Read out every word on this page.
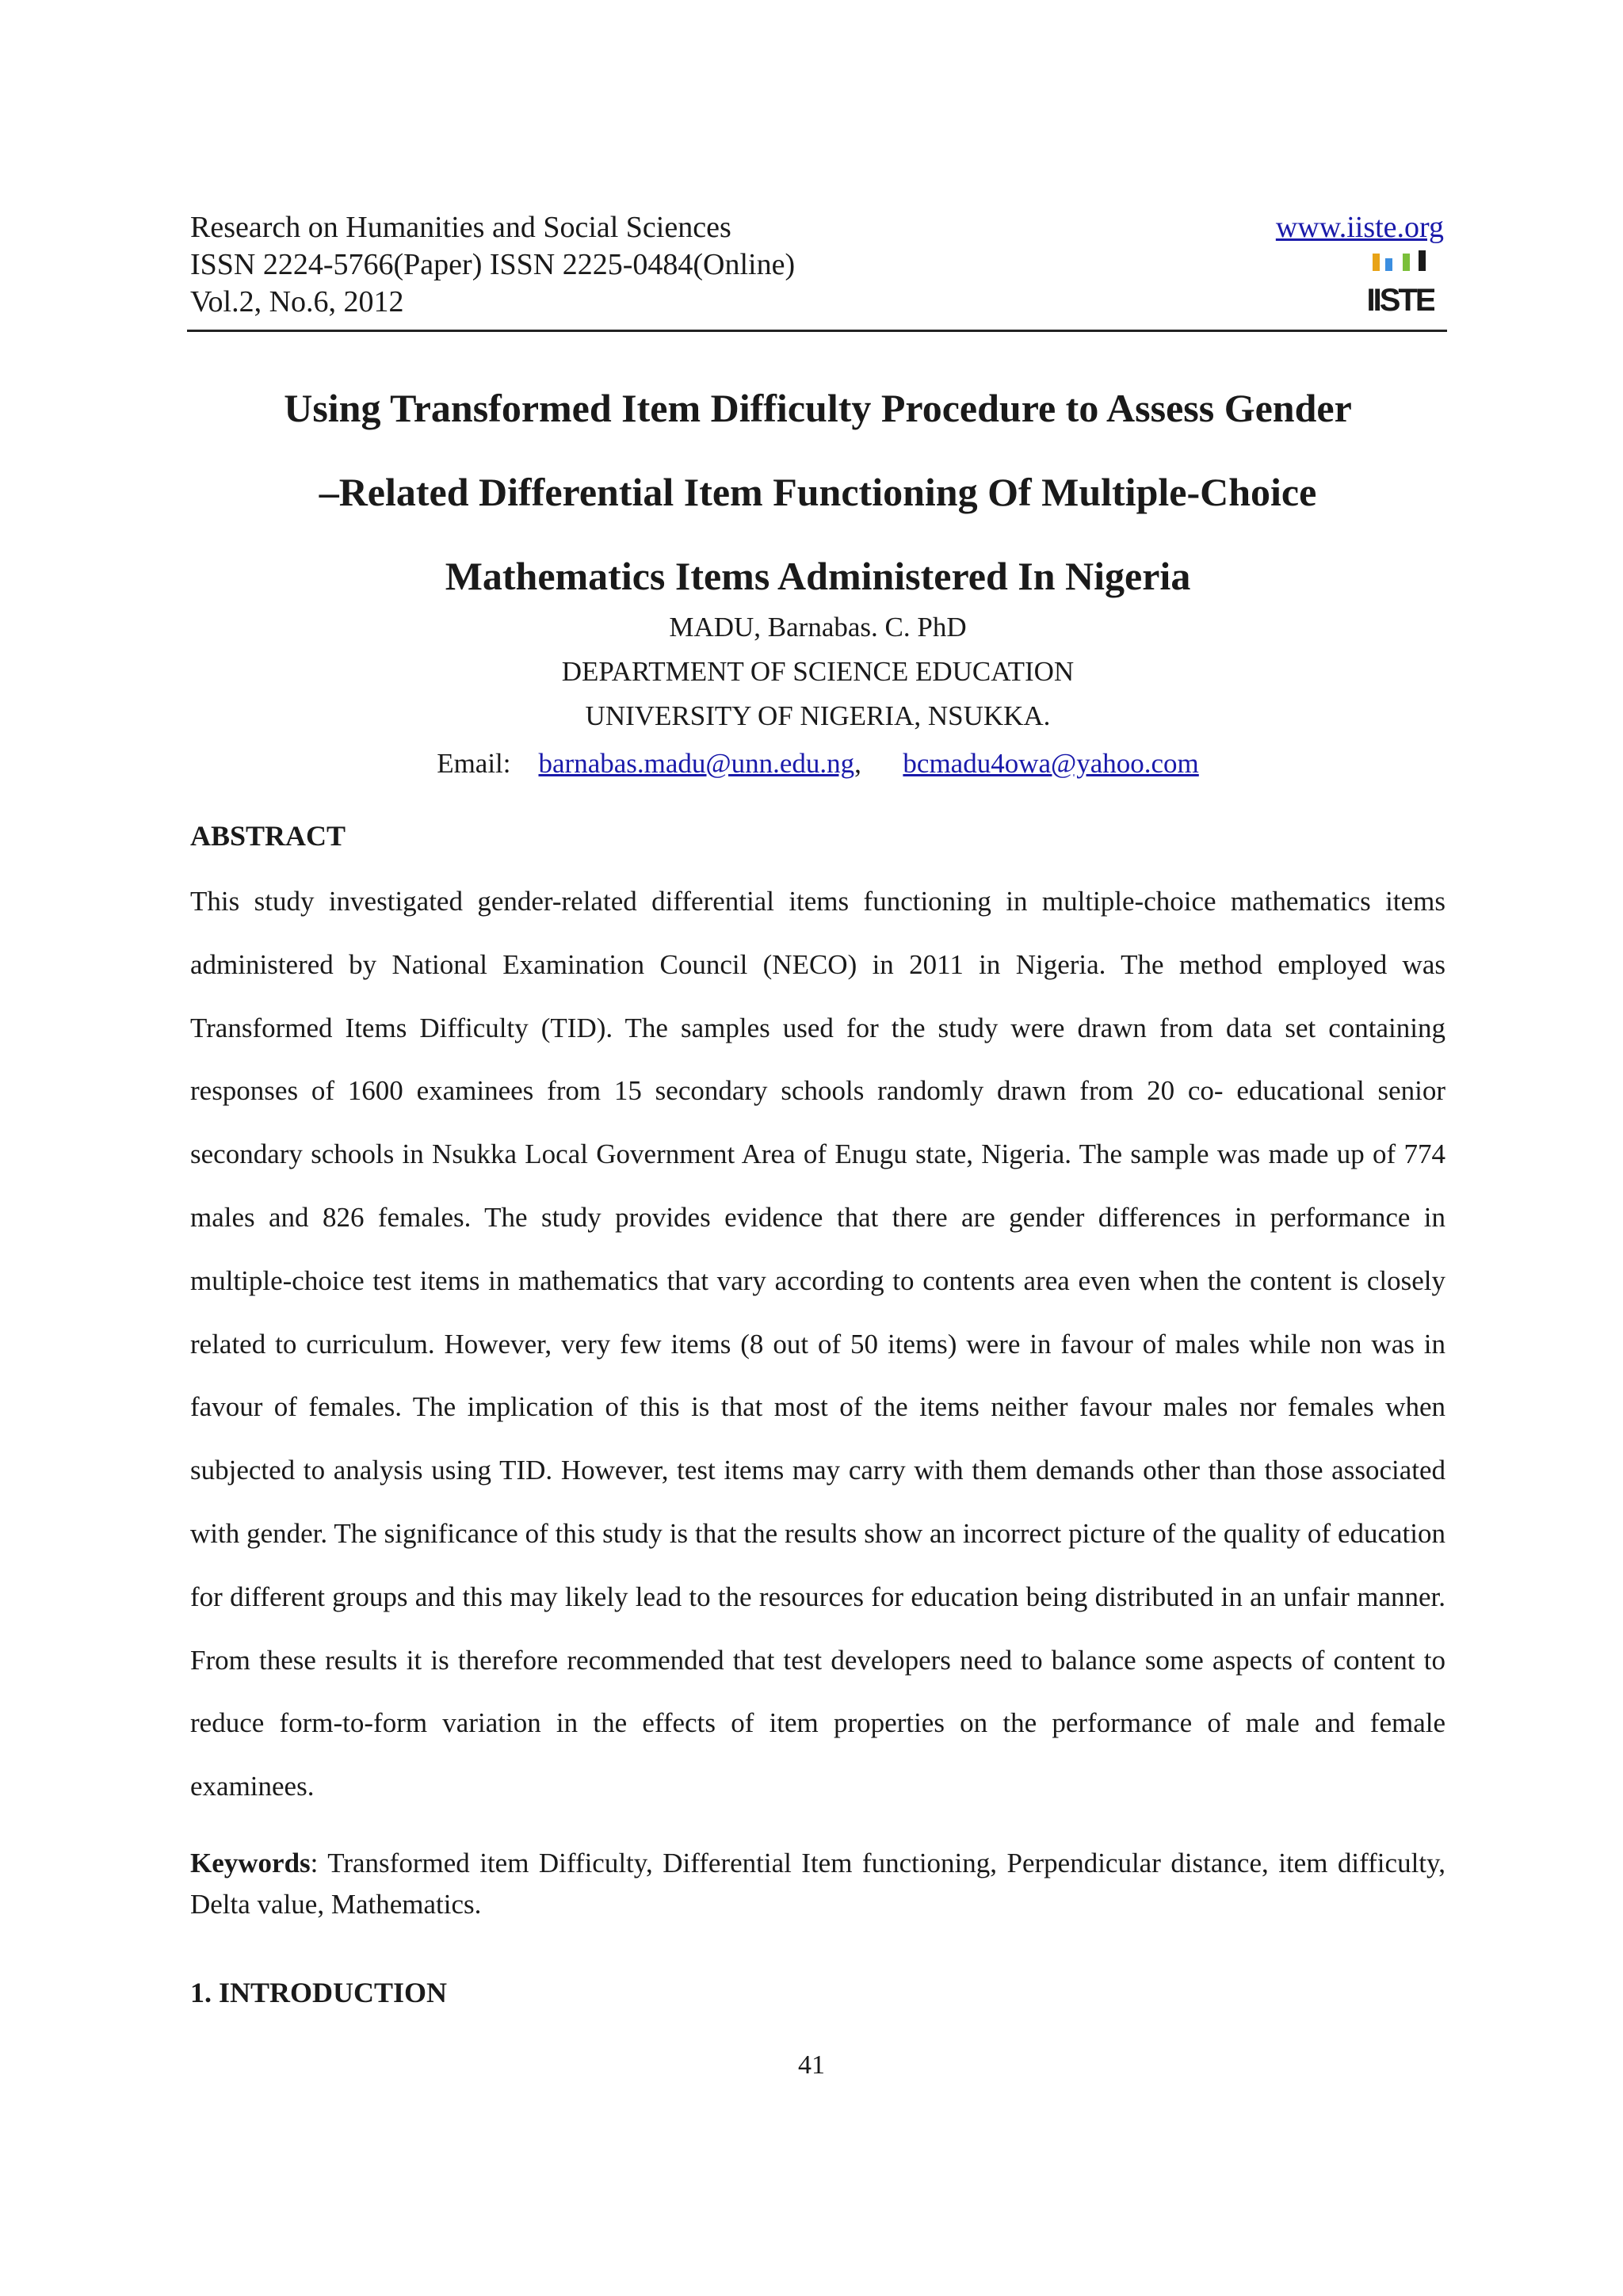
Research on Humanities and Social Sciences
ISSN 2224-5766(Paper) ISSN 2225-0484(Online)
Vol.2, No.6, 2012
www.iiste.org
IISTE
Using Transformed Item Difficulty Procedure to Assess Gender
–Related Differential Item Functioning Of Multiple-Choice
Mathematics Items Administered In Nigeria
MADU, Barnabas. C. PhD
DEPARTMENT OF SCIENCE EDUCATION
UNIVERSITY OF NIGERIA, NSUKKA.
Email: barnabas.madu@unn.edu.ng, bcmadu4owa@yahoo.com
ABSTRACT

This study investigated gender-related differential items functioning in multiple-choice mathematics items administered by National Examination Council (NECO) in 2011 in Nigeria. The method employed was Transformed Items Difficulty (TID). The samples used for the study were drawn from data set containing responses of 1600 examinees from 15 secondary schools randomly drawn from 20 co- educational senior secondary schools in Nsukka Local Government Area of Enugu state, Nigeria. The sample was made up of 774 males and 826 females. The study provides evidence that there are gender differences in performance in multiple-choice test items in mathematics that vary according to contents area even when the content is closely related to curriculum. However, very few items (8 out of 50 items) were in favour of males while non was in favour of females. The implication of this is that most of the items neither favour males nor females when subjected to analysis using TID. However, test items may carry with them demands other than those associated with gender. The significance of this study is that the results show an incorrect picture of the quality of education for different groups and this may likely lead to the resources for education being distributed in an unfair manner. From these results it is therefore recommended that test developers need to balance some aspects of content to reduce form-to-form variation in the effects of item properties on the performance of male and female examinees.

Keywords: Transformed item Difficulty, Differential Item functioning, Perpendicular distance, item difficulty, Delta value, Mathematics.

1. INTRODUCTION
41
